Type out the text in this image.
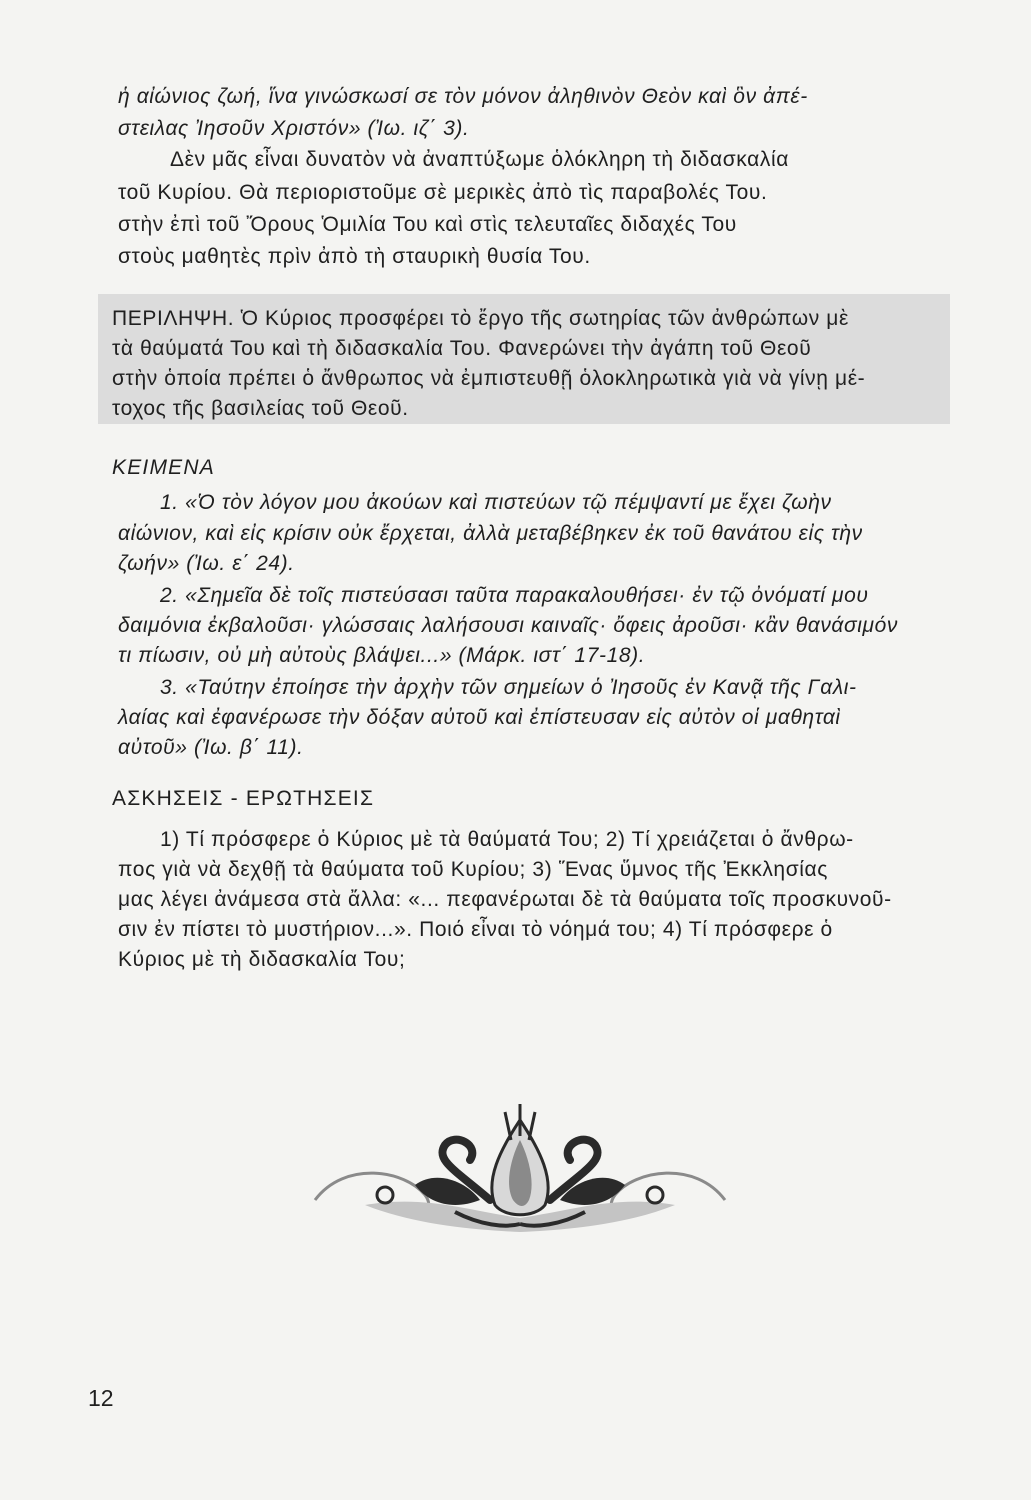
ἡ αἰώνιος ζωή, ἵνα γινώσκωσί σε τὸν μόνον ἀληθινὸν Θεὸν καὶ ὃν ἀπέ-
στειλας Ἰησοῦν Χριστόν» (Ἰω. ιζ΄ 3).
Δὲν μᾶς εἶναι δυνατὸν νὰ ἀναπτύξωμε ὁλόκληρη τὴ διδασκαλία
τοῦ Κυρίου. Θὰ περιοριστοῦμε σὲ μερικὲς ἀπὸ τὶς παραβολές Του.
στὴν ἐπὶ τοῦ Ὄρους Ὁμιλία Του καὶ στὶς τελευταῖες διδαχές Του
στοὺς μαθητὲς πρὶν ἀπὸ τὴ σταυρικὴ θυσία Του.
ΠΕΡΙΛΗΨΗ. Ὁ Κύριος προσφέρει τὸ ἔργο τῆς σωτηρίας τῶν ἀνθρώπων μὲ
τὰ θαύματά Του καὶ τὴ διδασκαλία Του. Φανερώνει τὴν ἀγάπη τοῦ Θεοῦ
στὴν ὁποία πρέπει ὁ ἄνθρωπος νὰ ἐμπιστευθῇ ὁλοκληρωτικὰ γιὰ νὰ γίνῃ μέ-
τοχος τῆς βασιλείας τοῦ Θεοῦ.
ΚΕΙΜΕΝΑ
1. «Ὁ τὸν λόγον μου ἀκούων καὶ πιστεύων τῷ πέμψαντί με ἔχει ζωὴν
αἰώνιον, καὶ εἰς κρίσιν οὐκ ἔρχεται, ἀλλὰ μεταβέβηκεν ἐκ τοῦ θανάτου εἰς τὴν
ζωήν» (Ἰω. ε΄ 24).
2. «Σημεῖα δὲ τοῖς πιστεύσασι ταῦτα παρακαλουθήσει· ἐν τῷ ὀνόματί μου
δαιμόνια ἐκβαλοῦσι· γλώσσαις λαλήσουσι καιναῖς· ὄφεις ἀροῦσι· κἂν θανάσιμόν
τι πίωσιν, οὐ μὴ αὐτοὺς βλάψει...» (Μάρκ. ιστ΄ 17-18).
3. «Ταύτην ἐποίησε τὴν ἀρχὴν τῶν σημείων ὁ Ἰησοῦς ἐν Κανᾷ τῆς Γαλι-
λαίας καὶ ἐφανέρωσε τὴν δόξαν αὐτοῦ καὶ ἐπίστευσαν εἰς αὐτὸν οἱ μαθηταὶ
αὐτοῦ» (Ἰω. β΄ 11).
ΑΣΚΗΣΕΙΣ - ΕΡΩΤΗΣΕΙΣ
1) Τί πρόσφερε ὁ Κύριος μὲ τὰ θαύματά Του; 2) Τί χρειάζεται ὁ ἄνθρω-
πος γιὰ νὰ δεχθῇ τὰ θαύματα τοῦ Κυρίου; 3) Ἕνας ὕμνος τῆς Ἐκκλησίας
μας λέγει ἀνάμεσα στὰ ἄλλα: «... πεφανέρωται δὲ τὰ θαύματα τοῖς προσκυνοῦ-
σιν ἐν πίστει τὸ μυστήριον...». Ποιό εἶναι τὸ νόημά του; 4) Τί πρόσφερε ὁ
Κύριος μὲ τὴ διδασκαλία Του;
12
